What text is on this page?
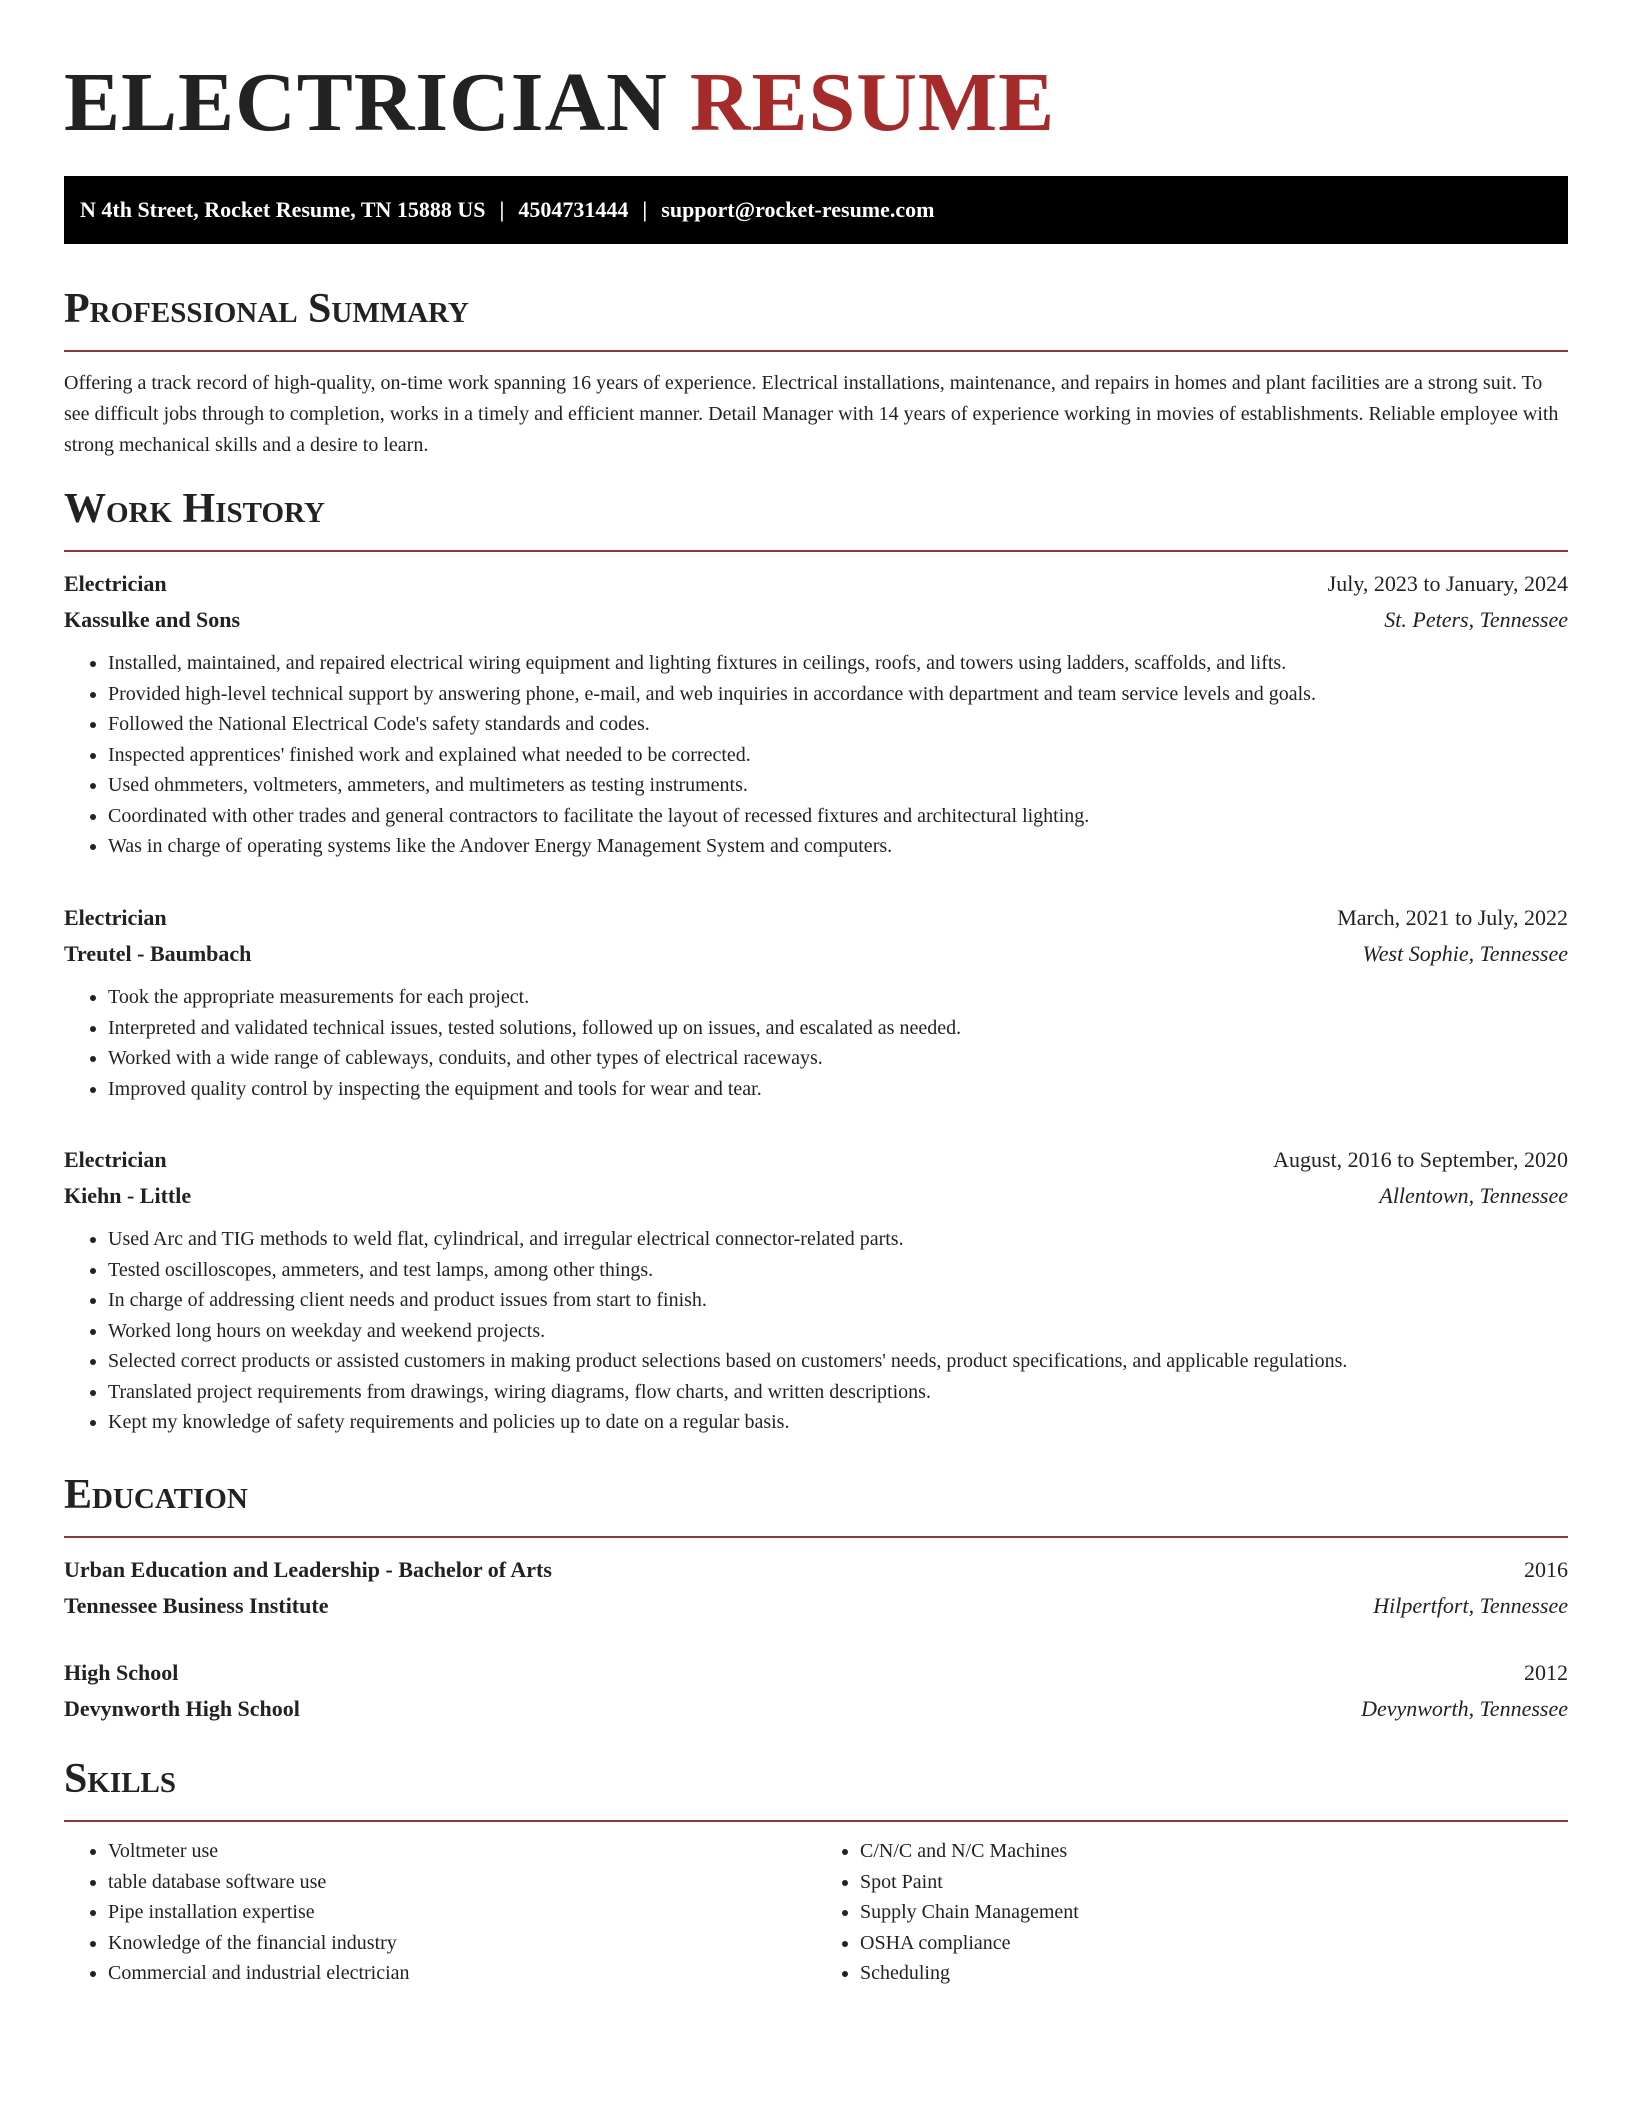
ELECTRICIAN RESUME
N 4th Street, Rocket Resume, TN 15888 US | 4504731444 | support@rocket-resume.com
Professional Summary

Offering a track record of high-quality, on-time work spanning 16 years of experience. Electrical installations, maintenance, and repairs in homes and plant facilities are a strong suit. To see difficult jobs through to completion, works in a timely and efficient manner. Detail Manager with 14 years of experience working in movies of establishments. Reliable employee with strong mechanical skills and a desire to learn.

Work History
Electrician	July, 2023 to January, 2024
Kassulke and Sons	St. Peters, Tennessee
• Installed, maintained, and repaired electrical wiring equipment and lighting fixtures in ceilings, roofs, and towers using ladders, scaffolds, and lifts.
• Provided high-level technical support by answering phone, e-mail, and web inquiries in accordance with department and team service levels and goals.
• Followed the National Electrical Code's safety standards and codes.
• Inspected apprentices' finished work and explained what needed to be corrected.
• Used ohmmeters, voltmeters, ammeters, and multimeters as testing instruments.
• Coordinated with other trades and general contractors to facilitate the layout of recessed fixtures and architectural lighting.
• Was in charge of operating systems like the Andover Energy Management System and computers.
Electrician	March, 2021 to July, 2022
Treutel - Baumbach	West Sophie, Tennessee
• Took the appropriate measurements for each project.
• Interpreted and validated technical issues, tested solutions, followed up on issues, and escalated as needed.
• Worked with a wide range of cableways, conduits, and other types of electrical raceways.
• Improved quality control by inspecting the equipment and tools for wear and tear.
Electrician	August, 2016 to September, 2020
Kiehn - Little	Allentown, Tennessee
• Used Arc and TIG methods to weld flat, cylindrical, and irregular electrical connector-related parts.
• Tested oscilloscopes, ammeters, and test lamps, among other things.
• In charge of addressing client needs and product issues from start to finish.
• Worked long hours on weekday and weekend projects.
• Selected correct products or assisted customers in making product selections based on customers' needs, product specifications, and applicable regulations.
• Translated project requirements from drawings, wiring diagrams, flow charts, and written descriptions.
• Kept my knowledge of safety requirements and policies up to date on a regular basis.
Education
Urban Education and Leadership - Bachelor of Arts	2016
Tennessee Business Institute	Hilpertfort, Tennessee
High School	2012
Devynworth High School	Devynworth, Tennessee
Skills
• Voltmeter use
• table database software use
• Pipe installation expertise
• Knowledge of the financial industry
• Commercial and industrial electrician
• C/N/C and N/C Machines
• Spot Paint
• Supply Chain Management
• OSHA compliance
• Scheduling
